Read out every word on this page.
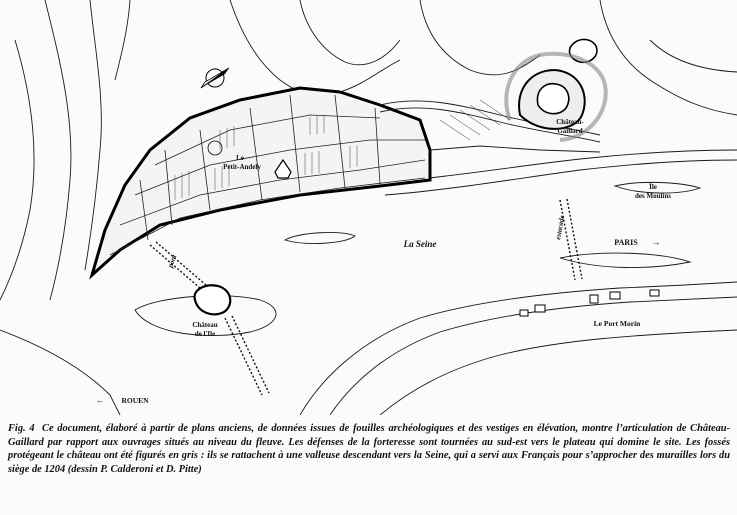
Le
Petit-Andely
Château-
Gaillard
Île
des Moulins
La Seine	PARIS →
pont
estacade
Château
de l'Ile
Le Port Morin
← ROUEN

Fig. 4 Ce document, élaboré à partir de plans anciens, de données issues de fouilles archéologiques et des vestiges en élévation, montre l’articulation de Château-Gaillard par rapport aux ouvrages situés au niveau du fleuve. Les défenses de la forteresse sont tournées au sud-est vers le plateau qui domine le site. Les fossés protégeant le château ont été figurés en gris : ils se rattachent à une valleuse descendant vers la Seine, qui a servi aux Français pour s’approcher des murailles lors du siège de 1204 (dessin P. Calderoni et D. Pitte)
